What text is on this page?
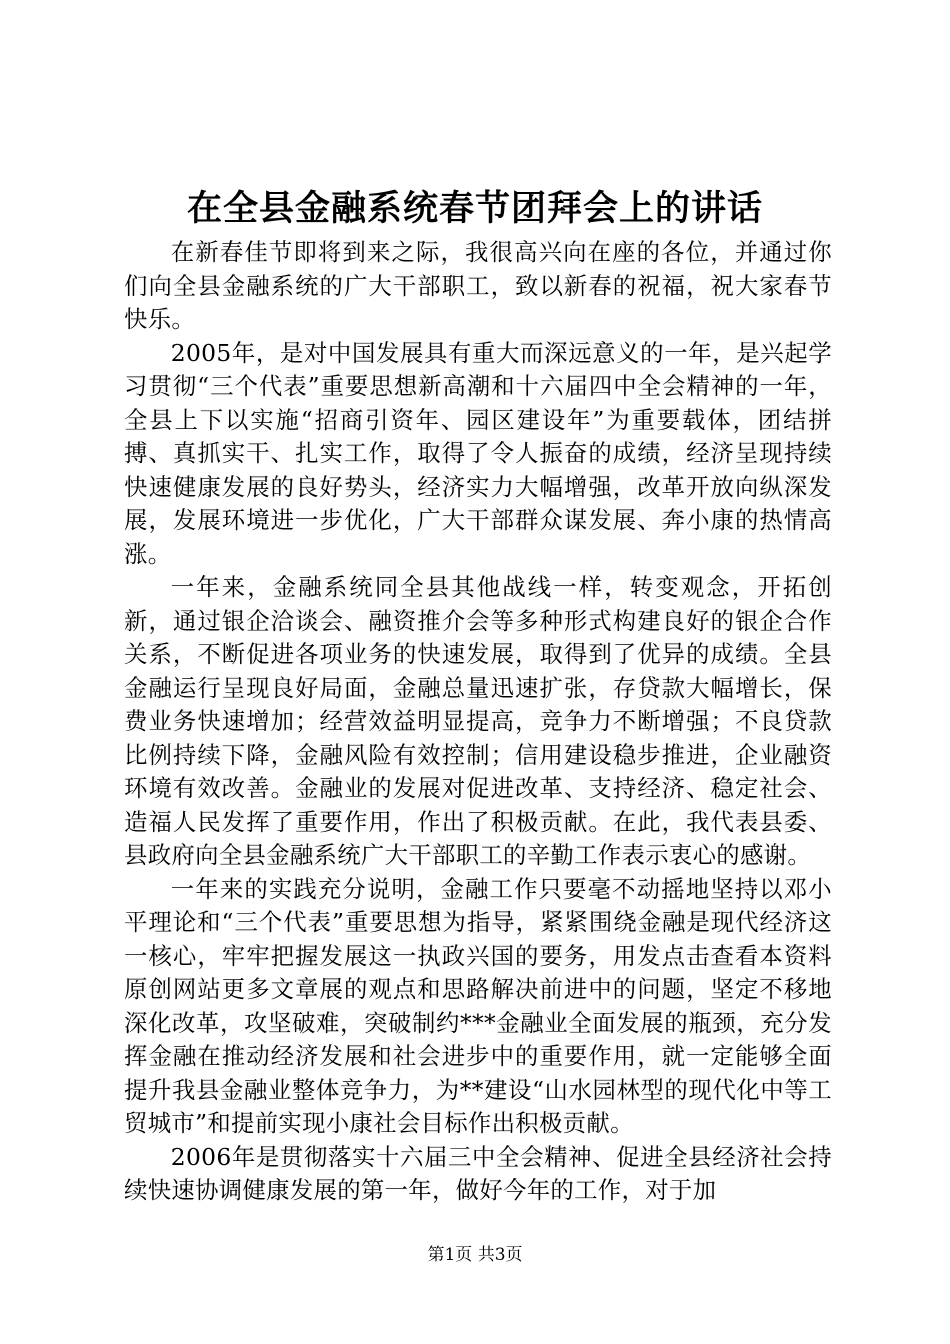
在全县金融系统春节团拜会上的讲话

在新春佳节即将到来之际，我很高兴向在座的各位，并通过你们向全县金融系统的广大干部职工，致以新春的祝福，祝大家春节快乐。

2005年，是对中国发展具有重大而深远意义的一年，是兴起学习贯彻“三个代表”重要思想新高潮和十六届四中全会精神的一年，全县上下以实施“招商引资年、园区建设年”为重要载体，团结拼搏、真抓实干、扎实工作，取得了令人振奋的成绩，经济呈现持续快速健康发展的良好势头，经济实力大幅增强，改革开放向纵深发展，发展环境进一步优化，广大干部群众谋发展、奔小康的热情高涨。

一年来，金融系统同全县其他战线一样，转变观念，开拓创新，通过银企洽谈会、融资推介会等多种形式构建良好的银企合作关系，不断促进各项业务的快速发展，取得到了优异的成绩。全县金融运行呈现良好局面，金融总量迅速扩张，存贷款大幅增长，保费业务快速增加；经营效益明显提高，竞争力不断增强；不良贷款比例持续下降，金融风险有效控制；信用建设稳步推进，企业融资环境有效改善。金融业的发展对促进改革、支持经济、稳定社会、造福人民发挥了重要作用，作出了积极贡献。在此，我代表县委、县政府向全县金融系统广大干部职工的辛勤工作表示衷心的感谢。

一年来的实践充分说明，金融工作只要毫不动摇地坚持以邓小平理论和“三个代表”重要思想为指导，紧紧围绕金融是现代经济这一核心，牢牢把握发展这一执政兴国的要务，用发点击查看本资料原创网站更多文章展的观点和思路解决前进中的问题，坚定不移地深化改革，攻坚破难，突破制约***金融业全面发展的瓶颈，充分发挥金融在推动经济发展和社会进步中的重要作用，就一定能够全面提升我县金融业整体竞争力，为**建设“山水园林型的现代化中等工贸城市”和提前实现小康社会目标作出积极贡献。

2006年是贯彻落实十六届三中全会精神、促进全县经济社会持续快速协调健康发展的第一年，做好今年的工作，对于加

第1页 共3页
